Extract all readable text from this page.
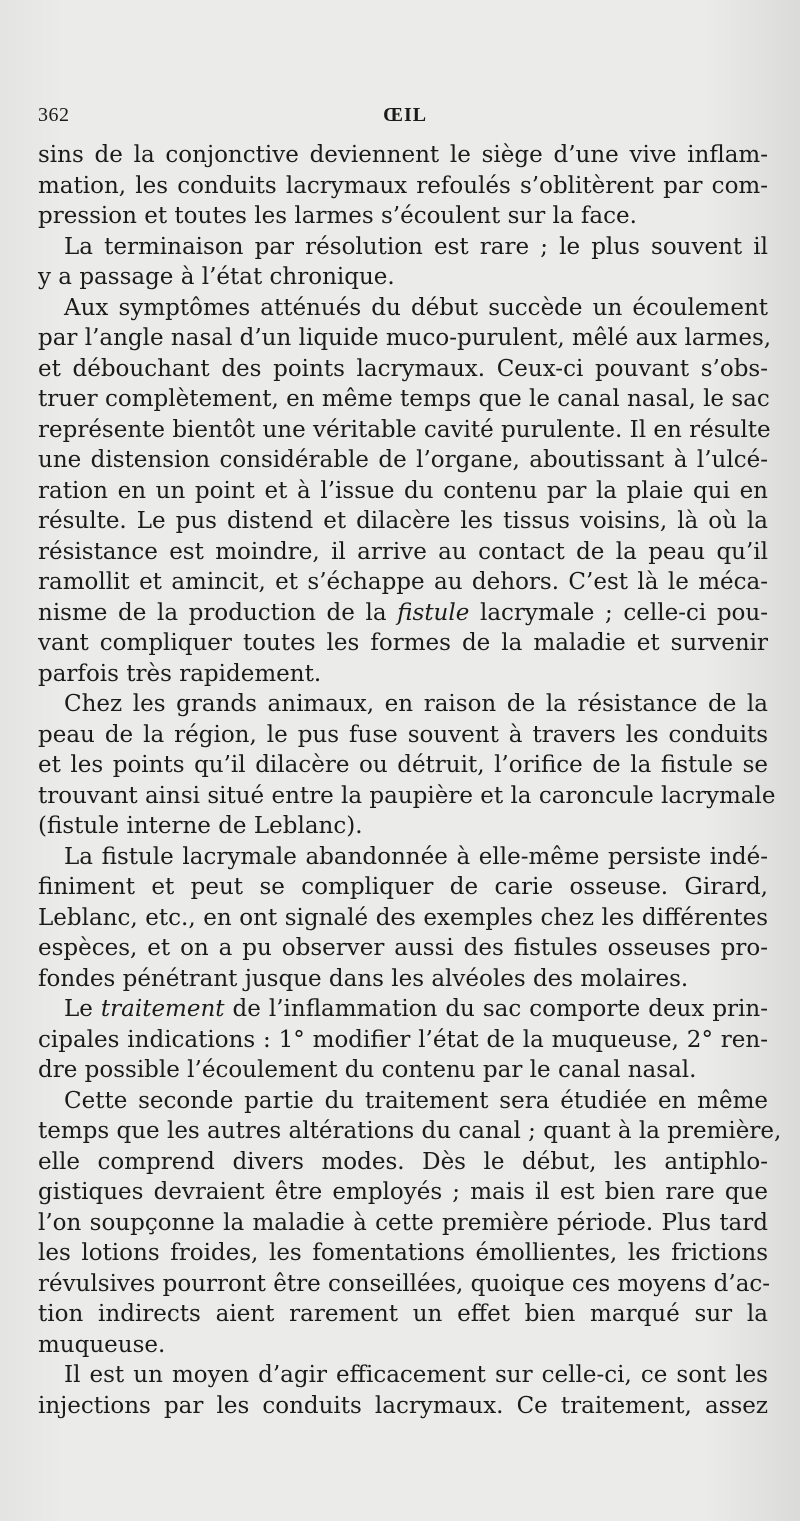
362	ŒIL
sins de la conjonctive deviennent le siège d’une vive inflam-
mation, les conduits lacrymaux refoulés s’oblitèrent par com-
pression et toutes les larmes s’écoulent sur la face.
La terminaison par résolution est rare ; le plus souvent il
y a passage à l’état chronique.
Aux symptômes atténués du début succède un écoulement
par l’angle nasal d’un liquide muco-purulent, mêlé aux larmes,
et débouchant des points lacrymaux. Ceux-ci pouvant s’obs-
truer complètement, en même temps que le canal nasal, le sac
représente bientôt une véritable cavité purulente. Il en résulte
une distension considérable de l’organe, aboutissant à l’ulcé-
ration en un point et à l’issue du contenu par la plaie qui en
résulte. Le pus distend et dilacère les tissus voisins, là où la
résistance est moindre, il arrive au contact de la peau qu’il
ramollit et amincit, et s’échappe au dehors. C’est là le méca-
nisme de la production de la fistule lacrymale ; celle-ci pou-
vant compliquer toutes les formes de la maladie et survenir
parfois très rapidement.
Chez les grands animaux, en raison de la résistance de la
peau de la région, le pus fuse souvent à travers les conduits
et les points qu’il dilacère ou détruit, l’orifice de la fistule se
trouvant ainsi situé entre la paupière et la caroncule lacrymale
(fistule interne de Leblanc).
La fistule lacrymale abandonnée à elle-même persiste indé-
finiment et peut se compliquer de carie osseuse. Girard,
Leblanc, etc., en ont signalé des exemples chez les différentes
espèces, et on a pu observer aussi des fistules osseuses pro-
fondes pénétrant jusque dans les alvéoles des molaires.
Le traitement de l’inflammation du sac comporte deux prin-
cipales indications : 1° modifier l’état de la muqueuse, 2° ren-
dre possible l’écoulement du contenu par le canal nasal.
Cette seconde partie du traitement sera étudiée en même
temps que les autres altérations du canal ; quant à la première,
elle comprend divers modes. Dès le début, les antiphlo-
gistiques devraient être employés ; mais il est bien rare que
l’on soupçonne la maladie à cette première période. Plus tard
les lotions froides, les fomentations émollientes, les frictions
révulsives pourront être conseillées, quoique ces moyens d’ac-
tion indirects aient rarement un effet bien marqué sur la
muqueuse.
Il est un moyen d’agir efficacement sur celle-ci, ce sont les
injections par les conduits lacrymaux. Ce traitement, assez
